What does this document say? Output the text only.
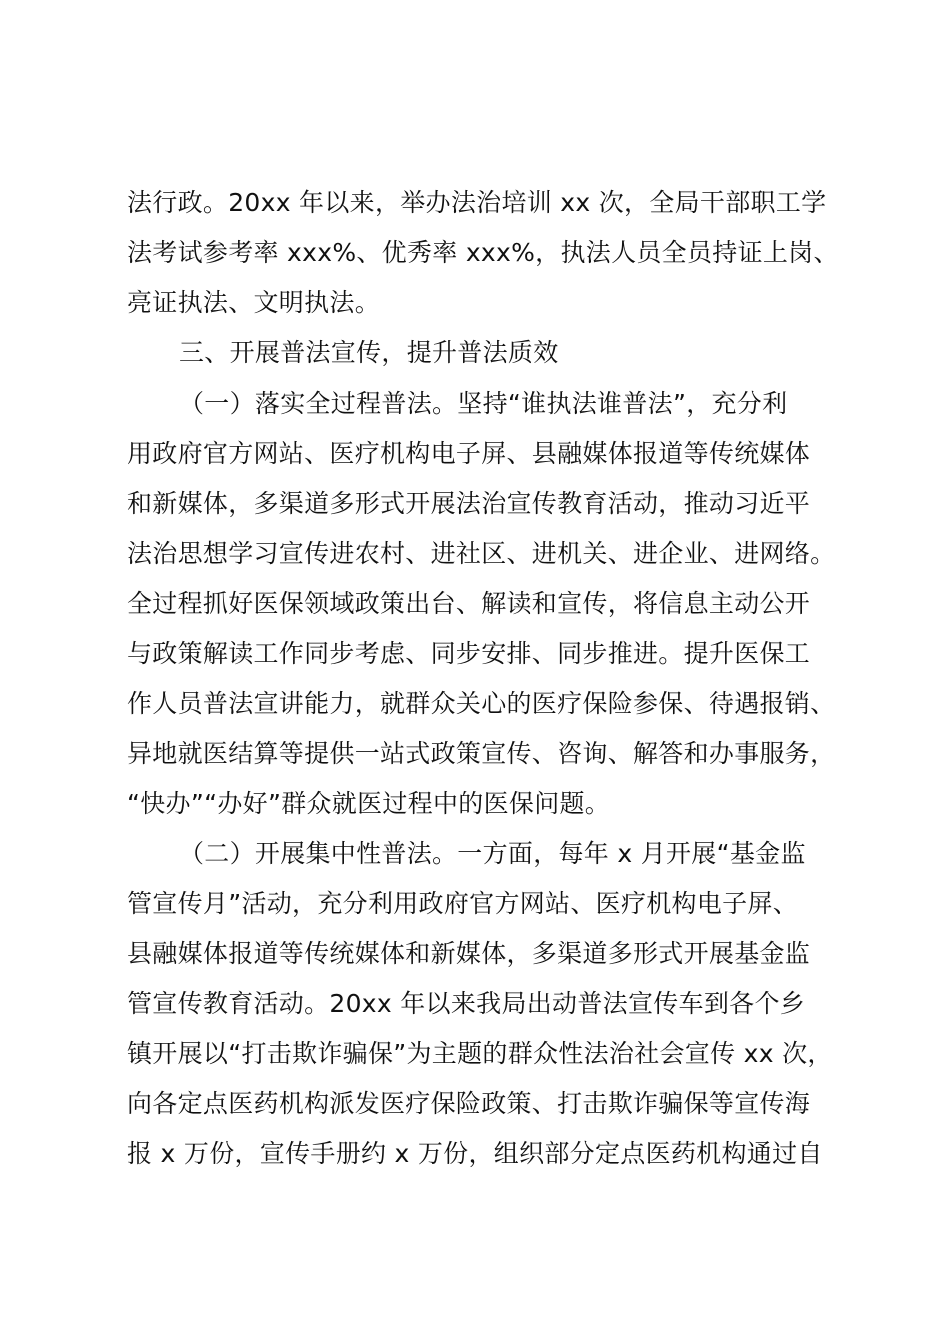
法行政。20xx 年以来，举办法治培训 xx 次，全局干部职工学
法考试参考率 xxx%、优秀率 xxx%，执法人员全员持证上岗、
亮证执法、文明执法。
三、开展普法宣传，提升普法质效
（一）落实全过程普法。坚持“谁执法谁普法”，充分利
用政府官方网站、医疗机构电子屏、县融媒体报道等传统媒体
和新媒体，多渠道多形式开展法治宣传教育活动，推动习近平
法治思想学习宣传进农村、进社区、进机关、进企业、进网络。
全过程抓好医保领域政策出台、解读和宣传，将信息主动公开
与政策解读工作同步考虑、同步安排、同步推进。提升医保工
作人员普法宣讲能力，就群众关心的医疗保险参保、待遇报销、
异地就医结算等提供一站式政策宣传、咨询、解答和办事服务，
“快办”“办好”群众就医过程中的医保问题。
（二）开展集中性普法。一方面，每年 x 月开展“基金监
管宣传月”活动，充分利用政府官方网站、医疗机构电子屏、
县融媒体报道等传统媒体和新媒体，多渠道多形式开展基金监
管宣传教育活动。20xx 年以来我局出动普法宣传车到各个乡
镇开展以“打击欺诈骗保”为主题的群众性法治社会宣传 xx 次，
向各定点医药机构派发医疗保险政策、打击欺诈骗保等宣传海
报 x 万份，宣传手册约 x 万份，组织部分定点医药机构通过自
